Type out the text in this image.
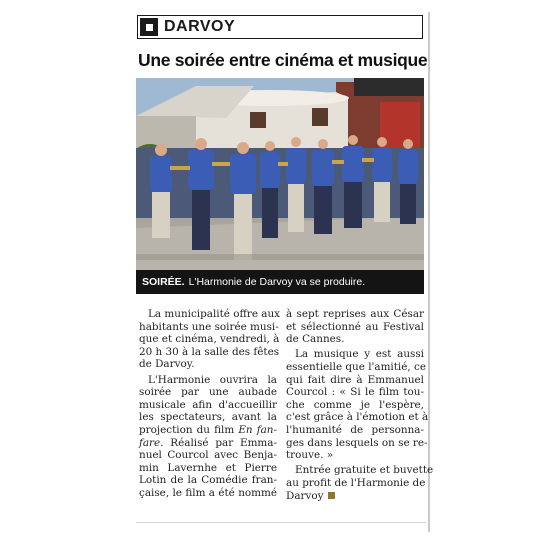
DARVOY
Une soirée entre cinéma et musique
SOIRÉE. L'Harmonie de Darvoy va se produire.
La municipalité offre aux
habitants une soirée musi-
que et cinéma, vendredi, à
20 h 30 à la salle des fêtes
de Darvoy.
L'Harmonie ouvrira la
soirée par une aubade
musicale afin d'accueillir
les spectateurs, avant la
projection du film En fan-
fare. Réalisé par Emma-
nuel Courcol avec Benja-
min Lavernhe et Pierre
Lotin de la Comédie fran-
çaise, le film a été nommé
à sept reprises aux César
et sélectionné au Festival
de Cannes.
La musique y est aussi
essentielle que l'amitié, ce
qui fait dire à Emmanuel
Courcol : « Si le film tou-
che comme je l'espère,
c'est grâce à l'émotion et à
l'humanité de personna-
ges dans lesquels on se re-
trouve. »
Entrée gratuite et buvette
au profit de l'Harmonie de
Darvoy
